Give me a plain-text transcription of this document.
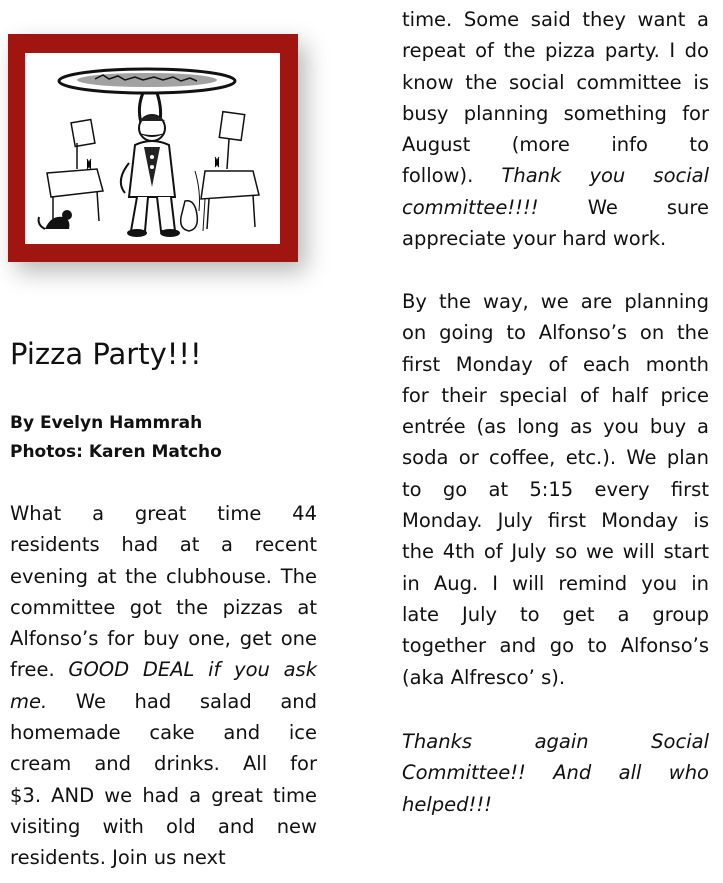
Pizza Party!!!
By Evelyn Hammrah
Photos: Karen Matcho
What a great time 44
residents had at a recent
evening at the clubhouse. The
committee got the pizzas at
Alfonso’s for buy one, get one
free. GOOD DEAL if you ask
me. We had salad and
homemade cake and ice
cream and drinks. All for
$3. AND we had a great time
visiting with old and new
residents. Join us next
time. Some said they want a
repeat of the pizza party. I do
know the social committee is
busy planning something for
August (more info to
follow). Thank you social
committee!!!! We sure
appreciate your hard work.
By the way, we are planning
on going to Alfonso’s on the
first Monday of each month
for their special of half price
entrée (as long as you buy a
soda or coffee, etc.). We plan
to go at 5:15 every first
Monday. July first Monday is
the 4th of July so we will start
in Aug. I will remind you in
late July to get a group
together and go to Alfonso’s
(aka Alfresco’ s).
Thanks again Social
Committee!! And all who
helped!!!
